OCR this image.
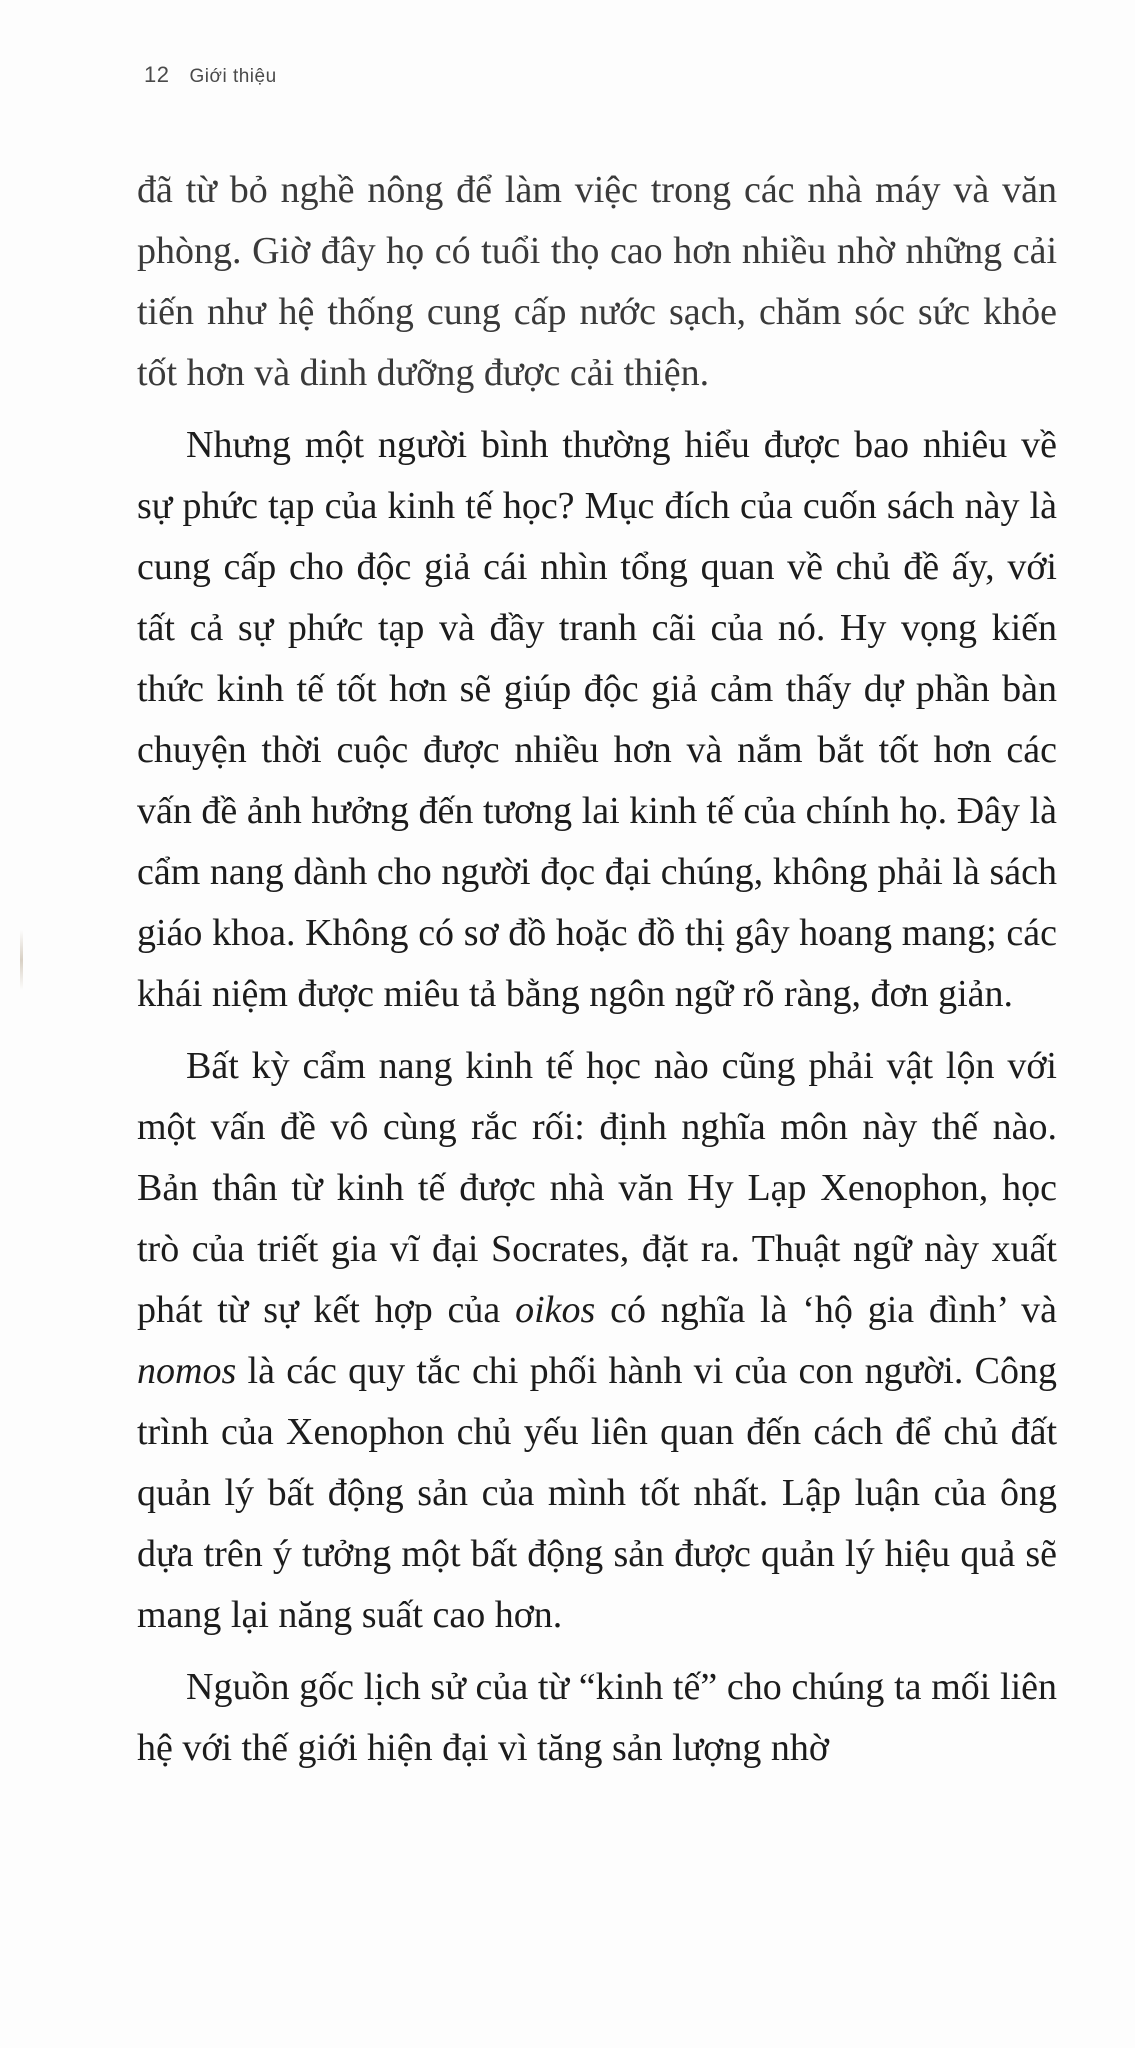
12 Giới thiệu

đã từ bỏ nghề nông để làm việc trong các nhà máy và văn phòng. Giờ đây họ có tuổi thọ cao hơn nhiều nhờ những cải tiến như hệ thống cung cấp nước sạch, chăm sóc sức khỏe tốt hơn và dinh dưỡng được cải thiện.

Nhưng một người bình thường hiểu được bao nhiêu về sự phức tạp của kinh tế học? Mục đích của cuốn sách này là cung cấp cho độc giả cái nhìn tổng quan về chủ đề ấy, với tất cả sự phức tạp và đầy tranh cãi của nó. Hy vọng kiến thức kinh tế tốt hơn sẽ giúp độc giả cảm thấy dự phần bàn chuyện thời cuộc được nhiều hơn và nắm bắt tốt hơn các vấn đề ảnh hưởng đến tương lai kinh tế của chính họ. Đây là cẩm nang dành cho người đọc đại chúng, không phải là sách giáo khoa. Không có sơ đồ hoặc đồ thị gây hoang mang; các khái niệm được miêu tả bằng ngôn ngữ rõ ràng, đơn giản.

Bất kỳ cẩm nang kinh tế học nào cũng phải vật lộn với một vấn đề vô cùng rắc rối: định nghĩa môn này thế nào. Bản thân từ kinh tế được nhà văn Hy Lạp Xenophon, học trò của triết gia vĩ đại Socrates, đặt ra. Thuật ngữ này xuất phát từ sự kết hợp của oikos có nghĩa là ‘hộ gia đình’ và nomos là các quy tắc chi phối hành vi của con người. Công trình của Xenophon chủ yếu liên quan đến cách để chủ đất quản lý bất động sản của mình tốt nhất. Lập luận của ông dựa trên ý tưởng một bất động sản được quản lý hiệu quả sẽ mang lại năng suất cao hơn.

Nguồn gốc lịch sử của từ “kinh tế” cho chúng ta mối liên hệ với thế giới hiện đại vì tăng sản lượng nhờ
